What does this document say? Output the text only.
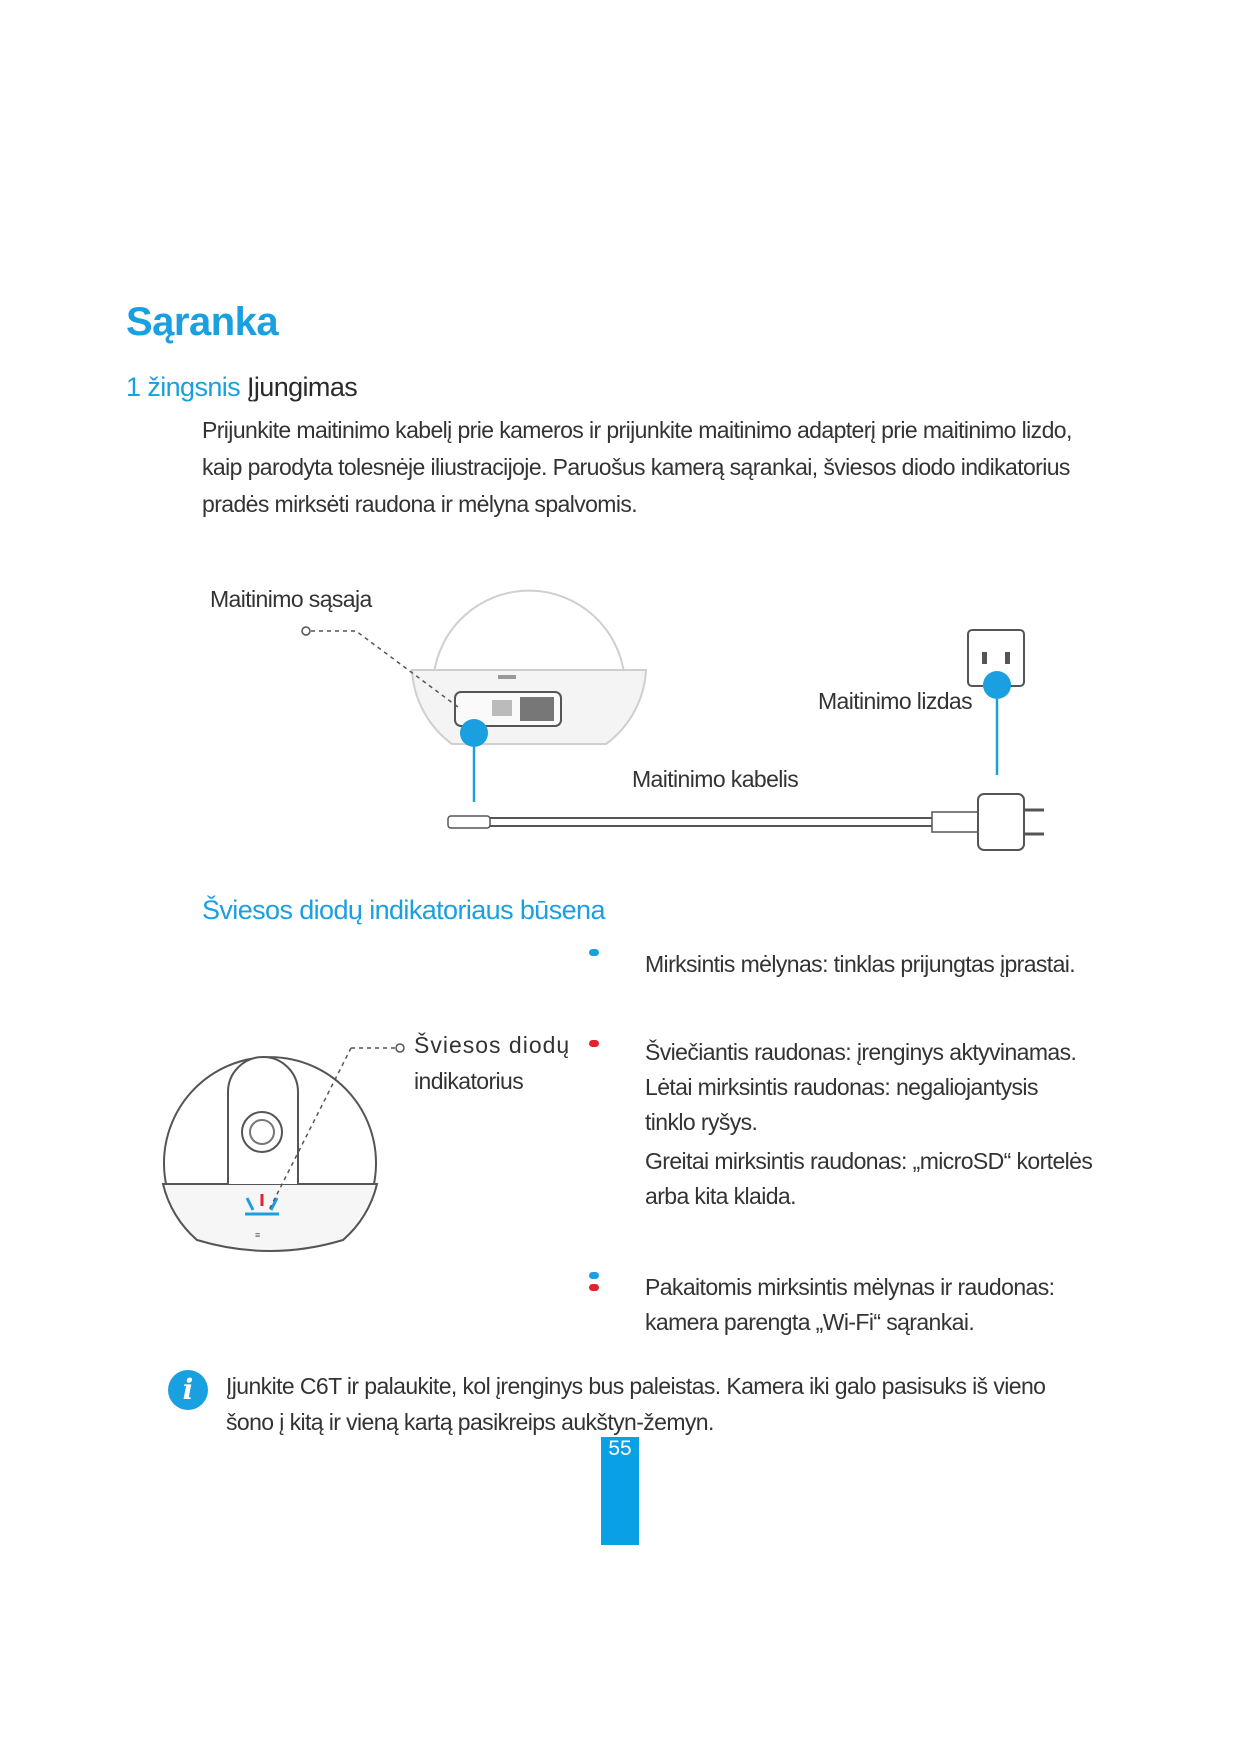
Sąranka
1 žingsnis Įjungimas
Prijunkite maitinimo kabelį prie kameros ir prijunkite maitinimo adapterį prie maitinimo lizdo, kaip parodyta tolesnėje iliustracijoje. Paruošus kamerą sąrankai, šviesos diodo indikatorius pradės mirksėti raudona ir mėlyna spalvomis.
Maitinimo sąsaja
Maitinimo lizdas
Maitinimo kabelis
Šviesos diodų indikatoriaus būsena
≡
Šviesos diodų
indikatorius
Mirksintis mėlynas: tinklas prijungtas įprastai.
Šviečiantis raudonas: įrenginys aktyvinamas.
Lėtai mirksintis raudonas: negaliojantysis
tinklo ryšys.
Greitai mirksintis raudonas: „microSD“ kortelės
arba kita klaida.
Pakaitomis mirksintis mėlynas ir raudonas:
kamera parengta „Wi-Fi“ sąrankai.
i	Įjunkite C6T ir palaukite, kol įrenginys bus paleistas. Kamera iki galo pasisuks iš vieno šono į kitą ir vieną kartą pasikreips aukštyn-žemyn.
55
